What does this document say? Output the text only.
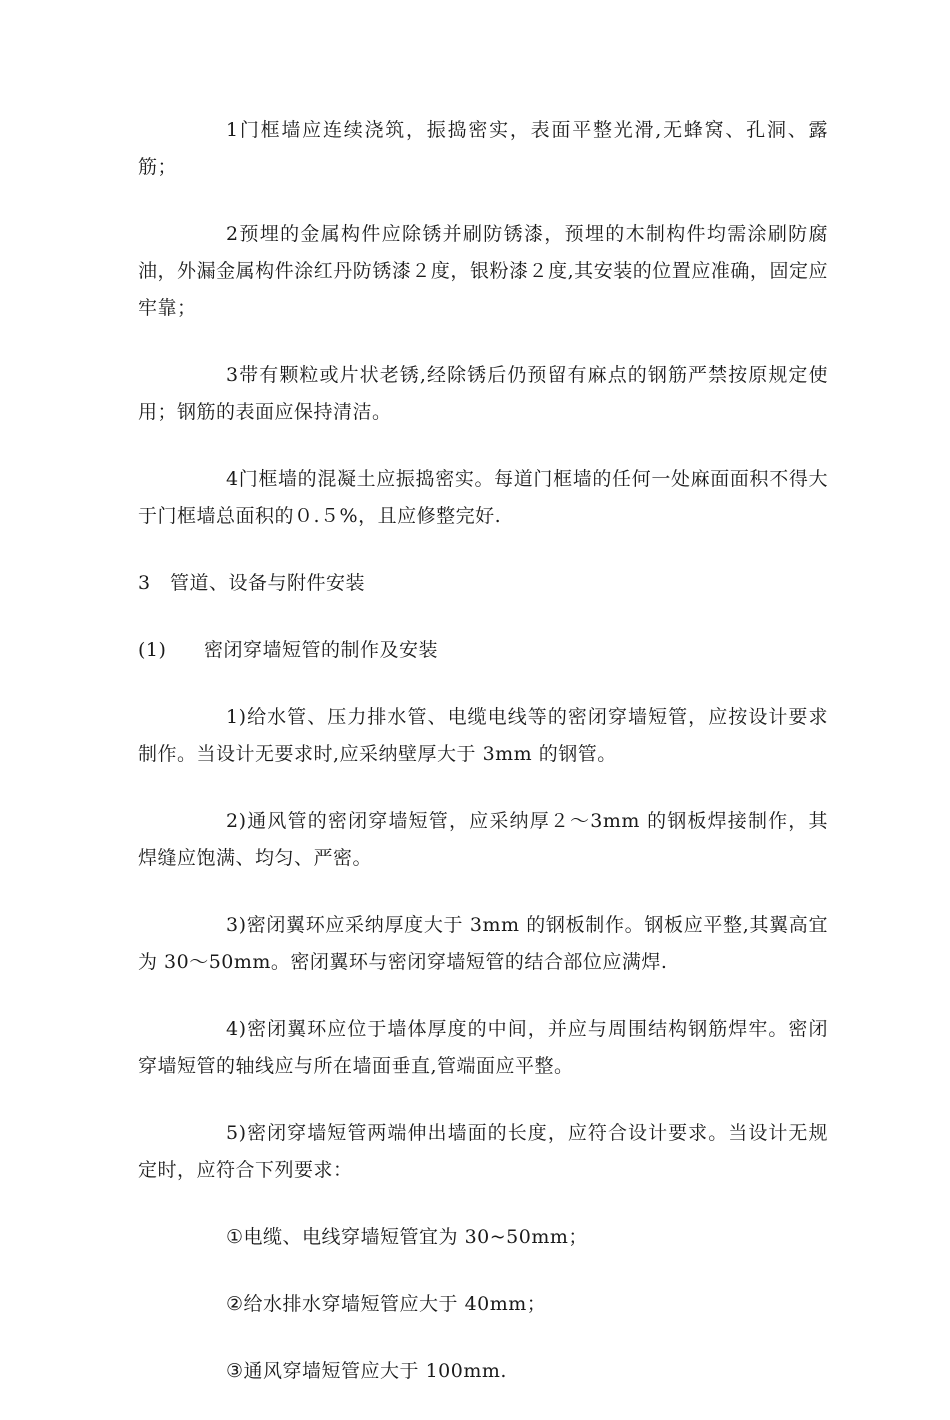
1门框墙应连续浇筑，振捣密实，表面平整光滑,无蜂窝、孔洞、露筋；

2预埋的金属构件应除锈并刷防锈漆，预埋的木制构件均需涂刷防腐油，外漏金属构件涂红丹防锈漆２度，银粉漆２度,其安装的位置应准确，固定应牢靠；

3带有颗粒或片状老锈,经除锈后仍预留有麻点的钢筋严禁按原规定使用；钢筋的表面应保持清洁。

4门框墙的混凝土应振捣密实。每道门框墙的任何一处麻面面积不得大于门框墙总面积的０.５%，且应修整完好.

3 管道、设备与附件安装

(1) 密闭穿墙短管的制作及安装

1)给水管、压力排水管、电缆电线等的密闭穿墙短管，应按设计要求制作。当设计无要求时,应采纳壁厚大于 3mm 的钢管。

2)通风管的密闭穿墙短管，应采纳厚２～3mm 的钢板焊接制作，其焊缝应饱满、均匀、严密。

3)密闭翼环应采纳厚度大于 3mm 的钢板制作。钢板应平整,其翼高宜为 30～50mm。密闭翼环与密闭穿墙短管的结合部位应满焊.

4)密闭翼环应位于墙体厚度的中间，并应与周围结构钢筋焊牢。密闭穿墙短管的轴线应与所在墙面垂直,管端面应平整。

5)密闭穿墙短管两端伸出墙面的长度，应符合设计要求。当设计无规定时，应符合下列要求：

①电缆、电线穿墙短管宜为 30~50mm；

②给水排水穿墙短管应大于 40mm；

③通风穿墙短管应大于 100mm.
